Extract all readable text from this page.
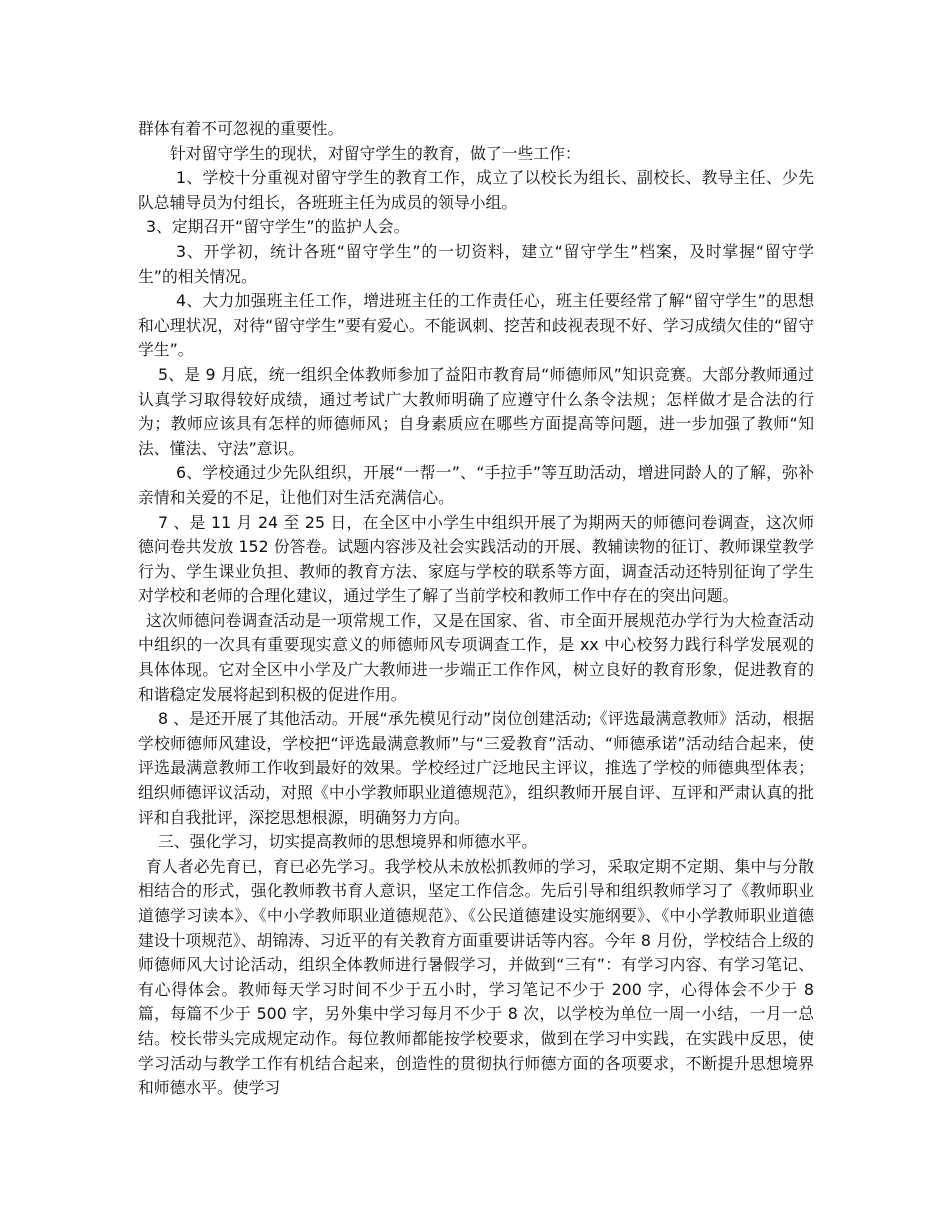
群体有着不可忽视的重要性。

针对留守学生的现状，对留守学生的教育，做了一些工作：

1、学校十分重视对留守学生的教育工作，成立了以校长为组长、副校长、教导主任、少先队总辅导员为付组长，各班班主任为成员的领导小组。

3、定期召开“留守学生”的监护人会。

3、开学初，统计各班“留守学生”的一切资料，建立“留守学生”档案，及时掌握“留守学生”的相关情况。

4、大力加强班主任工作，增进班主任的工作责任心，班主任要经常了解“留守学生”的思想和心理状况，对待“留守学生”要有爱心。不能讽刺、挖苦和歧视表现不好、学习成绩欠佳的“留守学生”。

5、是 9 月底，统一组织全体教师参加了益阳市教育局“师德师风”知识竞赛。大部分教师通过认真学习取得较好成绩，通过考试广大教师明确了应遵守什么条令法规；怎样做才是合法的行为；教师应该具有怎样的师德师风；自身素质应在哪些方面提高等问题，进一步加强了教师“知法、懂法、守法”意识。

6、学校通过少先队组织，开展“一帮一”、“手拉手”等互助活动，增进同龄人的了解，弥补亲情和关爱的不足，让他们对生活充满信心。

7 、是 11 月 24 至 25 日，在全区中小学生中组织开展了为期两天的师德问卷调查，这次师德问卷共发放 152 份答卷。试题内容涉及社会实践活动的开展、教辅读物的征订、教师课堂教学行为、学生课业负担、教师的教育方法、家庭与学校的联系等方面，调查活动还特别征询了学生对学校和老师的合理化建议，通过学生了解了当前学校和教师工作中存在的突出问题。

这次师德问卷调查活动是一项常规工作，又是在国家、省、市全面开展规范办学行为大检查活动中组织的一次具有重要现实意义的师德师风专项调查工作，是 xx 中心校努力践行科学发展观的具体体现。它对全区中小学及广大教师进一步端正工作作风，树立良好的教育形象，促进教育的和谐稳定发展将起到积极的促进作用。

8 、是还开展了其他活动。开展“承先模见行动”岗位创建活动;《评选最满意教师》活动，根据学校师德师风建设，学校把“评选最满意教师”与“三爱教育”活动、“师德承诺”活动结合起来，使评选最满意教师工作收到最好的效果。学校经过广泛地民主评议，推选了学校的师德典型体表；组织师德评议活动，对照《中小学教师职业道德规范》，组织教师开展自评、互评和严肃认真的批评和自我批评，深挖思想根源，明确努力方向。

三、强化学习，切实提高教师的思想境界和师德水平。

育人者必先育已，育已必先学习。我学校从未放松抓教师的学习，采取定期不定期、集中与分散相结合的形式，强化教师教书育人意识，坚定工作信念。先后引导和组织教师学习了《教师职业道德学习读本》、《中小学教师职业道德规范》、《公民道德建设实施纲要》、《中小学教师职业道德建设十项规范》、胡锦涛、习近平的有关教育方面重要讲话等内容。今年 8 月份，学校结合上级的师德师风大讨论活动，组织全体教师进行暑假学习，并做到“三有”：有学习内容、有学习笔记、有心得体会。教师每天学习时间不少于五小时，学习笔记不少于 200 字，心得体会不少于 8 篇，每篇不少于 500 字，另外集中学习每月不少于 8 次，以学校为单位一周一小结，一月一总结。校长带头完成规定动作。每位教师都能按学校要求，做到在学习中实践，在实践中反思，使学习活动与教学工作有机结合起来，创造性的贯彻执行师德方面的各项要求，不断提升思想境界和师德水平。使学习
